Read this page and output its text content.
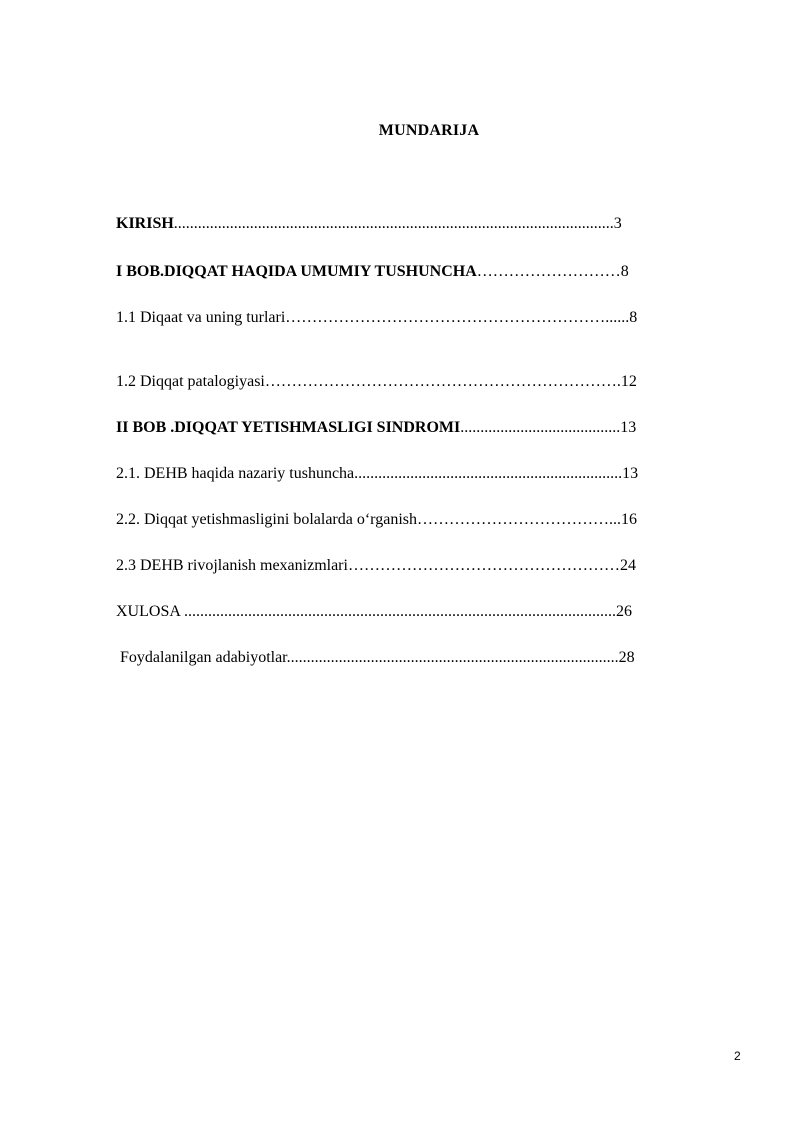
MUNDARIJA
KIRISH..............................................................................................................3
I BOB.DIQQAT HAQIDA UMUMIY TUSHUNCHA………………………8
1.1 Diqaat va uning turlari……………………………………………………......8
1.2 Diqqat patalogiyasi………………………………………………………….12
II BOB .DIQQAT YETISHMASLIGI SINDROMI........................................13
2.1. DEHB haqida nazariy tushuncha...................................................................13
2.2. Diqqat yetishmasligini bolalarda o‘rganish………………………………...16
2.3 DEHB rivojlanish mexanizmlari……………………………………………24
XULOSA ............................................................................................................26
Foydalanilgan adabiyotlar...................................................................................28
2
